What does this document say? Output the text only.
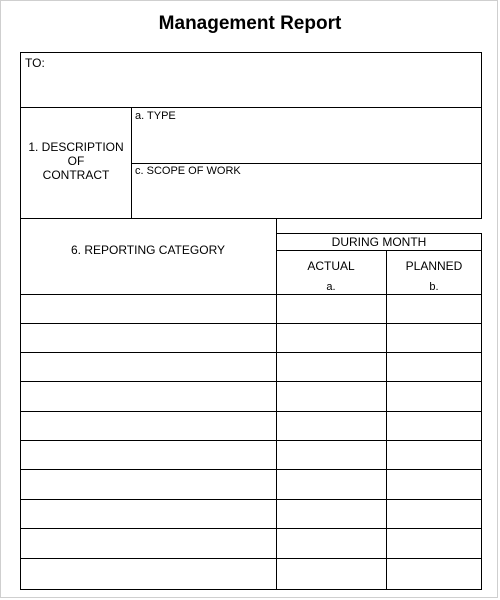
Management Report
TO:
1. DESCRIPTION
OF
CONTRACT
a. TYPE
c. SCOPE OF WORK
6. REPORTING CATEGORY
DURING MONTH
ACTUAL
a.
PLANNED
b.
